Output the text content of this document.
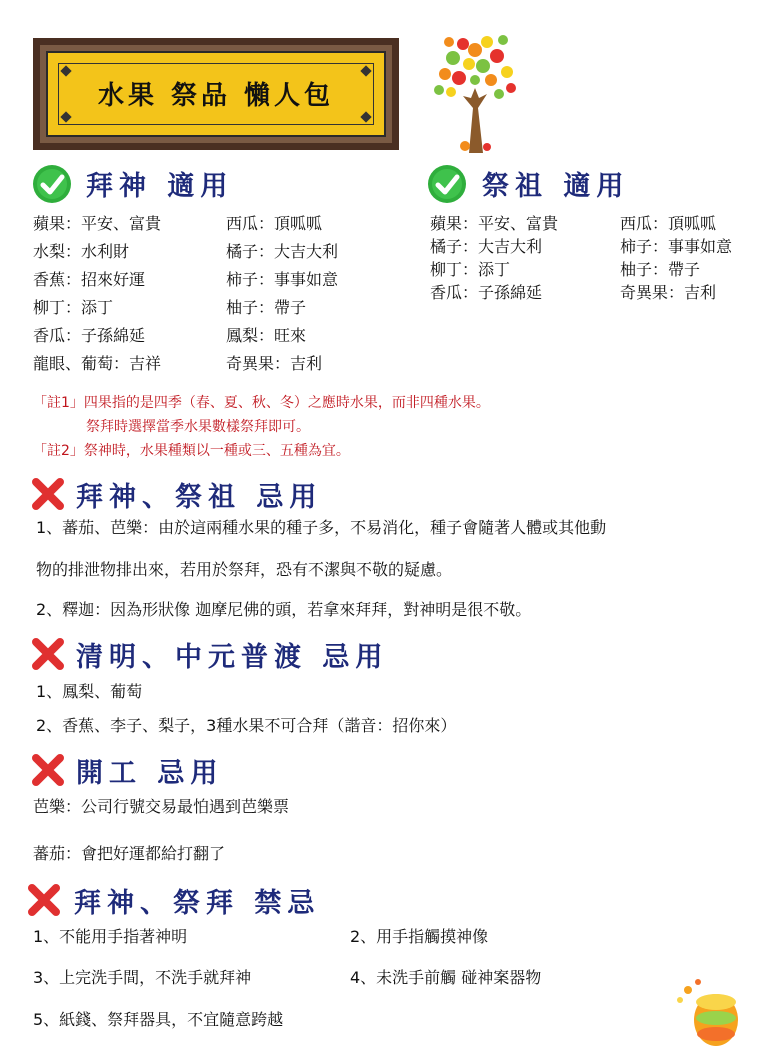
水果 祭品 懶人包
拜神 適用
蘋果：平安、富貴
水梨：水利財
香蕉：招來好運
柳丁：添丁
香瓜：子孫綿延
龍眼、葡萄：吉祥
西瓜：頂呱呱
橘子：大吉大利
柿子：事事如意
柚子：帶子
鳳梨：旺來
奇異果：吉利
祭祖 適用
蘋果：平安、富貴
橘子：大吉大利
柳丁：添丁
香瓜：子孫綿延
西瓜：頂呱呱
柿子：事事如意
柚子：帶子
奇異果：吉利
「註1」四果指的是四季（春、夏、秋、冬）之應時水果，而非四種水果。
祭拜時選擇當季水果數樣祭拜即可。
「註2」祭神時，水果種類以一種或三、五種為宜。
拜神、祭祖 忌用
1、蕃茄、芭樂：由於這兩種水果的種子多，不易消化，種子會隨著人體或其他動
物的排泄物排出來，若用於祭拜，恐有不潔與不敬的疑慮。
2、釋迦：因為形狀像 迦摩尼佛的頭，若拿來拜拜，對神明是很不敬。
清明、中元普渡 忌用
1、鳳梨、葡萄
2、香蕉、李子、梨子，3種水果不可合拜（諧音：招你來）
開工 忌用
芭樂：公司行號交易最怕遇到芭樂票
蕃茄：會把好運都給打翻了
拜神、祭拜 禁忌
1、不能用手指著神明	2、用手指觸摸神像
3、上完洗手間，不洗手就拜神	4、未洗手前觸 碰神案器物
5、紙錢、祭拜器具，不宜隨意跨越
